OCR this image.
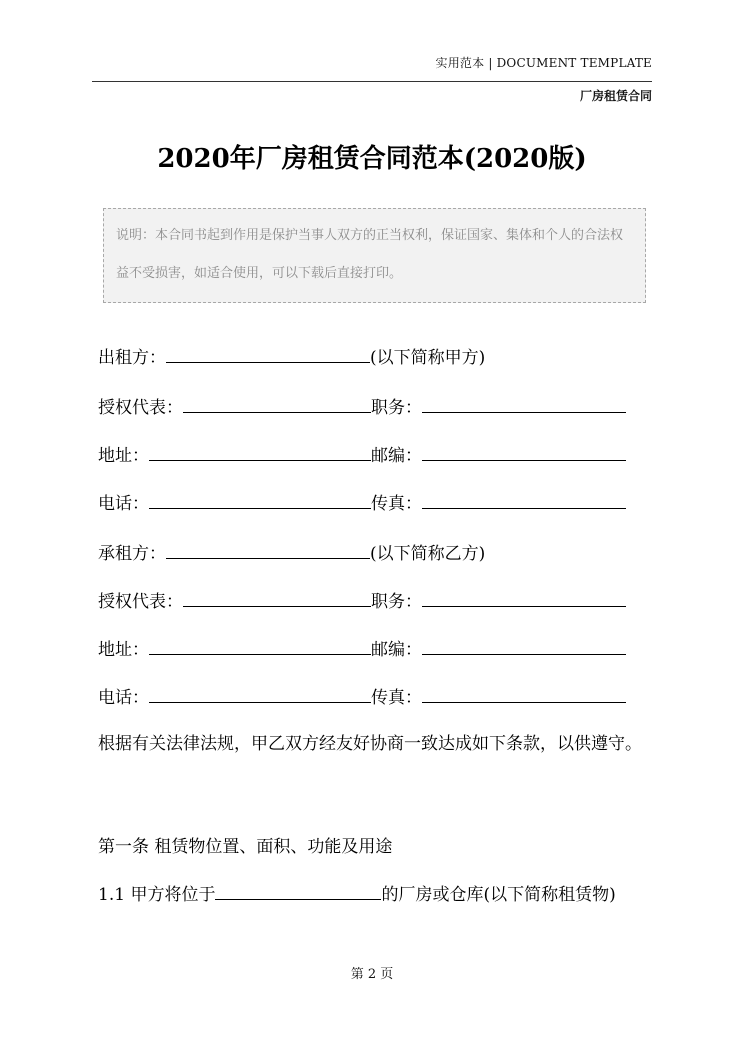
实用范本 | DOCUMENT TEMPLATE
厂房租赁合同
2020年厂房租赁合同范本(2020版)
说明：本合同书起到作用是保护当事人双方的正当权利，保证国家、集体和个人的合法权益不受损害，如适合使用，可以下载后直接打印。
出租方：	(以下简称甲方)
授权代表：	职务：
地址：	邮编：
电话：	传真：
承租方：	(以下简称乙方)
授权代表：	职务：
地址：	邮编：
电话：	传真：
根据有关法律法规，甲乙双方经友好协商一致达成如下条款，以供遵守。
第一条 租赁物位置、面积、功能及用途
1.1 甲方将位于	的厂房或仓库(以下简称租赁物)
第 2 页
